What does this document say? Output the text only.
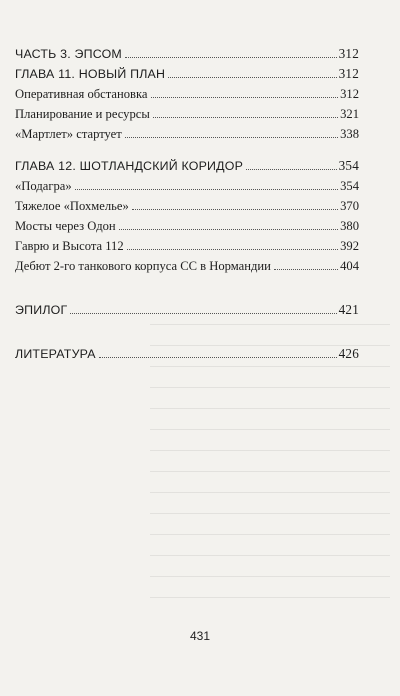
ЧАСТЬ 3. ЭПСОМ	312
ГЛАВА 11. НОВЫЙ ПЛАН	312
Оперативная обстановка	312
Планирование и ресурсы	321
«Мартлет» стартует	338
ГЛАВА 12. ШОТЛАНДСКИЙ КОРИДОР	354
«Подагра»	354
Тяжелое «Похмелье»	370
Мосты через Одон	380
Гаврю и Высота 112	392
Дебют 2-го танкового корпуса СС в Нормандии	404
ЭПИЛОГ	421
ЛИТЕРАТУРА	426
431
